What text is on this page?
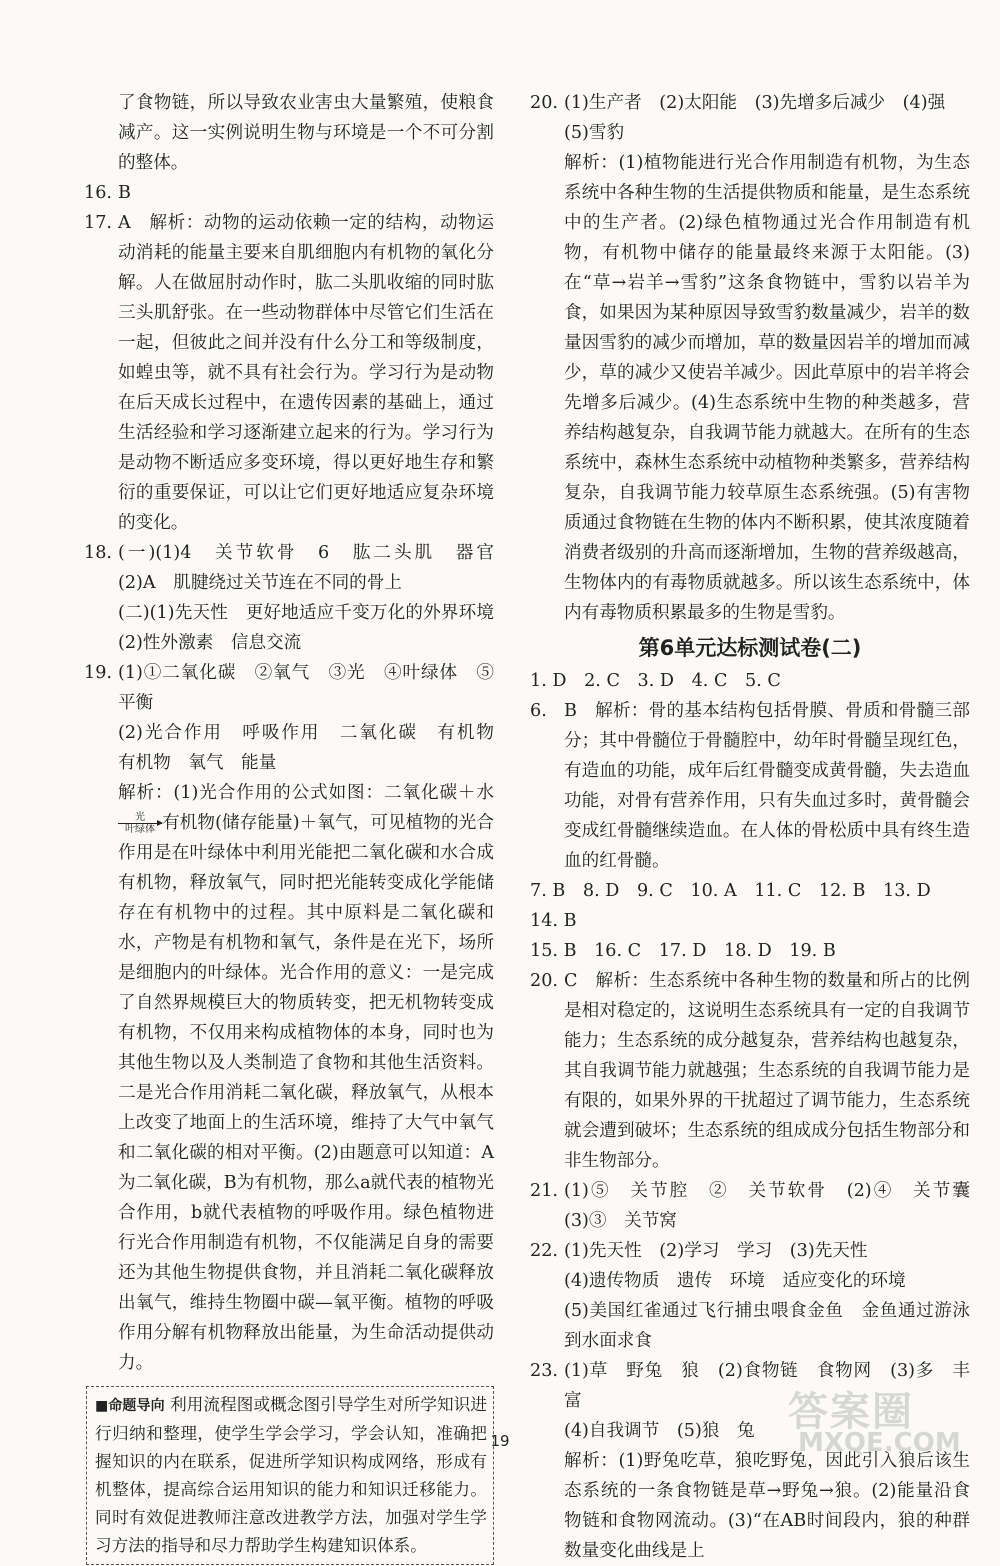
了食物链，所以导致农业害虫大量繁殖，使粮食减产。这一实例说明生物与环境是一个不可分割的整体。

16. B
17. A　解析：动物的运动依赖一定的结构，动物运动消耗的能量主要来自肌细胞内有机物的氧化分解。人在做屈肘动作时，肱二头肌收缩的同时肱三头肌舒张。在一些动物群体中尽管它们生活在一起，但彼此之间并没有什么分工和等级制度，如蝗虫等，就不具有社会行为。学习行为是动物在后天成长过程中，在遗传因素的基础上，通过生活经验和学习逐渐建立起来的行为。学习行为是动物不断适应多变环境，得以更好地生存和繁衍的重要保证，可以让它们更好地适应复杂环境的变化。
18. (一)(1)4　关节软骨　6　肱二头肌　器官　(2)A　肌腱绕过关节连在不同的骨上

(二)(1)先天性　更好地适应千变万化的外界环境　(2)性外激素　信息交流

19. (1)①二氧化碳　②氧气　③光　④叶绿体　⑤平衡

(2)光合作用　呼吸作用　二氧化碳　有机物　有机物　氧气　能量

解析：(1)光合作用的公式如图：二氧化碳＋水
$\frac{\text{光}}{\text{叶绿体}}$ 有机物(储存能量)＋氧气，可见植物的光合作用是在叶绿体中利用光能把二氧化碳和水合成有机物，释放氧气，同时把光能转变成化学能储存在有机物中的过程。其中原料是二氧化碳和水，产物是有机物和氧气，条件是在光下，场所是细胞内的叶绿体。光合作用的意义：一是完成了自然界规模巨大的物质转变，把无机物转变成有机物，不仅用来构成植物体的本身，同时也为其他生物以及人类制造了食物和其他生活资料。二是光合作用消耗二氧化碳，释放氧气，从根本上改变了地面上的生活环境，维持了大气中氧气和二氧化碳的相对平衡。(2)由题意可以知道：A为二氧化碳，B为有机物，那么a就代表的植物光合作用，b就代表植物的呼吸作用。绿色植物进行光合作用制造有机物，不仅能满足自身的需要还为其他生物提供食物，并且消耗二氧化碳释放出氧气，维持生物圈中碳—氧平衡。植物的呼吸作用分解有机物释放出能量，为生命活动提供动力。

■命题导向 利用流程图或概念图引导学生对所学知识进行归纳和整理，使学生学会学习，学会认知，准确把握知识的内在联系，促进所学知识构成网络，形成有机整体，提高综合运用知识的能力和知识迁移能力。同时有效促进教师注意改进教学方法，加强对学生学习方法的指导和尽力帮助学生构建知识体系。
20. (1)生产者　(2)太阳能　(3)先增多后减少　(4)强

(5)雪豹

解析：(1)植物能进行光合作用制造有机物，为生态系统中各种生物的生活提供物质和能量，是生态系统中的生产者。(2)绿色植物通过光合作用制造有机物，有机物中储存的能量最终来源于太阳能。(3)在“草→岩羊→雪豹”这条食物链中，雪豹以岩羊为食，如果因为某种原因导致雪豹数量减少，岩羊的数量因雪豹的减少而增加，草的数量因岩羊的增加而减少，草的减少又使岩羊减少。因此草原中的岩羊将会先增多后减少。(4)生态系统中生物的种类越多，营养结构越复杂，自我调节能力就越大。在所有的生态系统中，森林生态系统中动植物种类繁多，营养结构复杂，自我调节能力较草原生态系统强。(5)有害物质通过食物链在生物的体内不断积累，使其浓度随着消费者级别的升高而逐渐增加，生物的营养级越高，生物体内的有毒物质就越多。所以该生态系统中，体内有毒物质积累最多的生物是雪豹。

第6单元达标测试卷(二)

1. D　2. C　3. D　4. C　5. C

6. B　解析：骨的基本结构包括骨膜、骨质和骨髓三部分；其中骨髓位于骨髓腔中，幼年时骨髓呈现红色，有造血的功能，成年后红骨髓变成黄骨髓，失去造血功能，对骨有营养作用，只有失血过多时，黄骨髓会变成红骨髓继续造血。在人体的骨松质中具有终生造血的红骨髓。

7. B　8. D　9. C　10. A　11. C　12. B　13. D　14. B

15. B　16. C　17. D　18. D　19. B

20. C　解析：生态系统中各种生物的数量和所占的比例是相对稳定的，这说明生态系统具有一定的自我调节能力；生态系统的成分越复杂，营养结构也越复杂，其自我调节能力就越强；生态系统的自我调节能力是有限的，如果外界的干扰超过了调节能力，生态系统就会遭到破坏；生态系统的组成成分包括生物部分和非生物部分。
21. (1)⑤　关节腔　②　关节软骨　(2)④　关节囊　(3)③　关节窝
22. (1)先天性　(2)学习　学习　(3)先天性

(4)遗传物质　遗传　环境　适应变化的环境

(5)美国红雀通过飞行捕虫喂食金鱼　金鱼通过游泳到水面求食

23. (1)草　野兔　狼　(2)食物链　食物网　(3)多　丰富

(4)自我调节　(5)狼　兔

解析：(1)野兔吃草，狼吃野兔，因此引入狼后该生态系统的一条食物链是草→野兔→狼。(2)能量沿食物链和食物网流动。(3)“在AB时间段内，狼的种群数量变化曲线是上

19
答案圈
MXQE.COM
